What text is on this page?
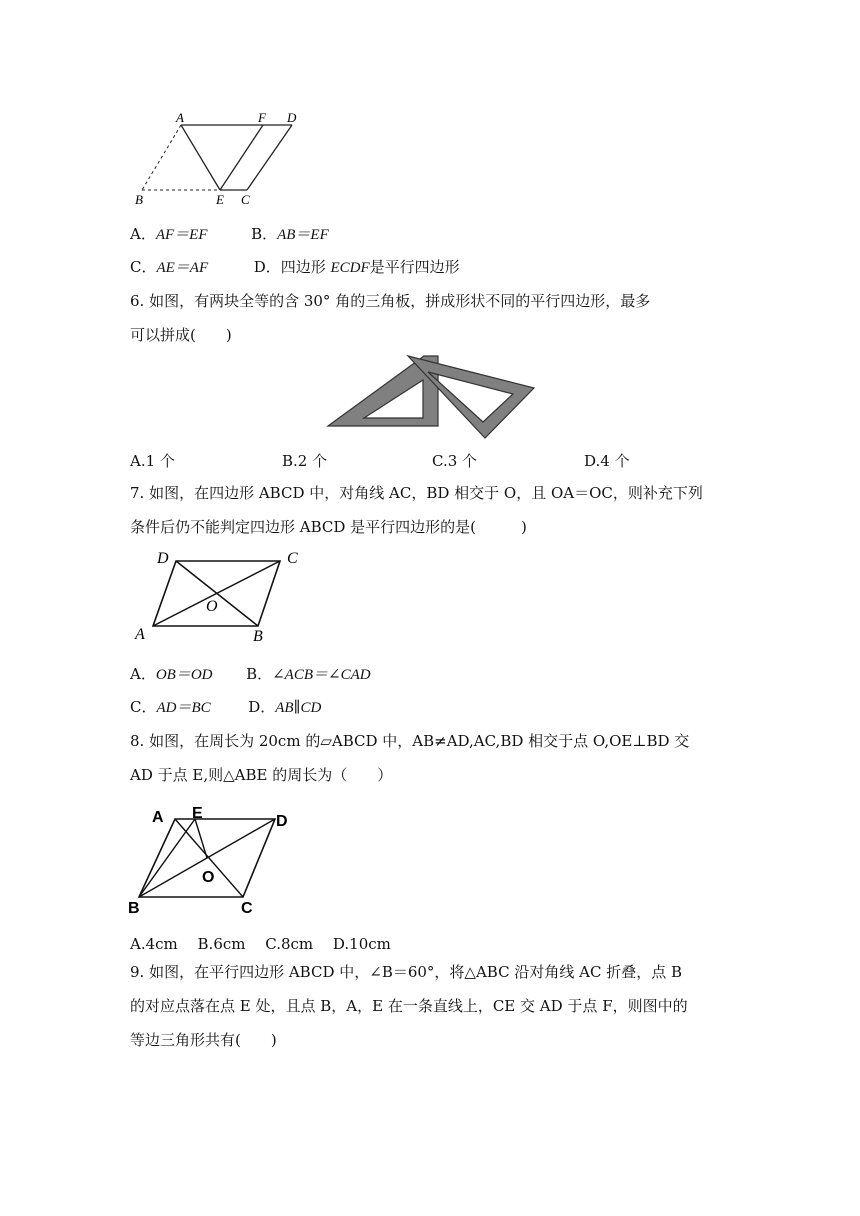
A	F D
B	E C
A．AF＝EF	B．AB＝EF
C．AE＝AF	D．四边形 ECDF是平行四边形
6. 如图，有两块全等的含 30° 角的三角板，拼成形状不同的平行四边形，最多
可以拼成(　　)
A.1 个	B.2 个	C.3 个	D.4 个
7. 如图，在四边形 ABCD 中，对角线 AC，BD 相交于 O，且 OA＝OC，则补充下列
条件后仍不能判定四边形 ABCD 是平行四边形的是(　　　)
D	C
O
A	B
A．OB＝OD B．∠ACB＝∠CAD
C．AD＝BC	D．AB∥CD
8. 如图，在周长为 20cm 的▱ABCD 中，AB≠AD,AC,BD 相交于点 O,OE⊥BD 交
AD 于点 E,则△ABE 的周长为（　　）
A E	D
O
B	C
A.4cm　 B.6cm　 C.8cm　 D.10cm
9. 如图，在平行四边形 ABCD 中，∠B＝60°，将△ABC 沿对角线 AC 折叠，点 B
的对应点落在点 E 处，且点 B，A，E 在一条直线上，CE 交 AD 于点 F，则图中的
等边三角形共有(　　)
